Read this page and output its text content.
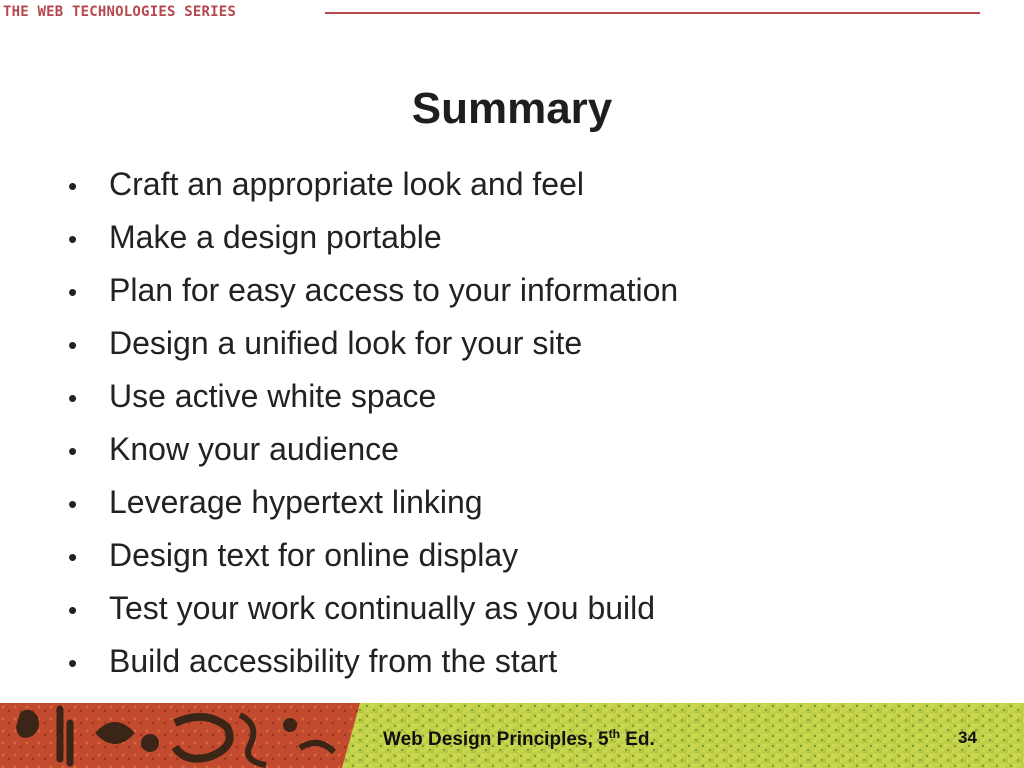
THE WEB TECHNOLOGIES SERIES
Summary
• Craft an appropriate look and feel
• Make a design portable
• Plan for easy access to your information
• Design a unified look for your site
• Use active white space
• Know your audience
• Leverage hypertext linking
• Design text for online display
• Test your work continually as you build
• Build accessibility from the start
Web Design Principles, 5th Ed.	34
